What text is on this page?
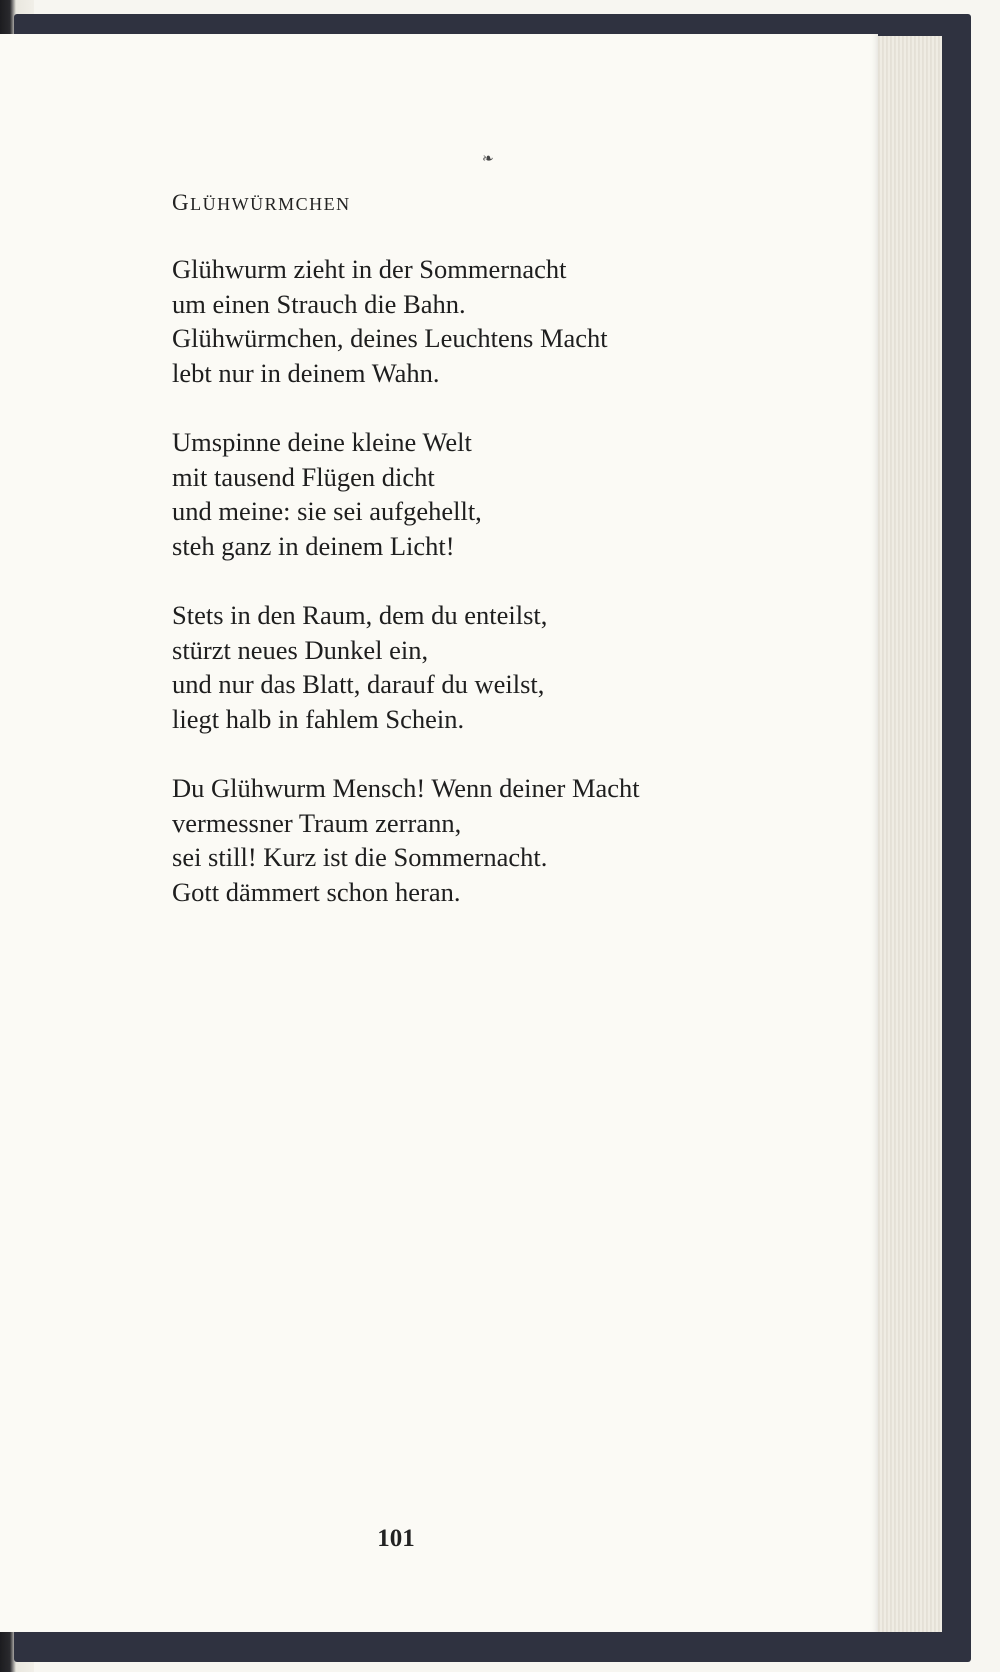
❧
GLÜHWÜRMCHEN

Glühwurm zieht in der Sommernacht
um einen Strauch die Bahn.
Glühwürmchen, deines Leuchtens Macht
lebt nur in deinem Wahn.

Umspinne deine kleine Welt
mit tausend Flügen dicht
und meine: sie sei aufgehellt,
steh ganz in deinem Licht!

Stets in den Raum, dem du enteilst,
stürzt neues Dunkel ein,
und nur das Blatt, darauf du weilst,
liegt halb in fahlem Schein.

Du Glühwurm Mensch! Wenn deiner Macht
vermessner Traum zerrann,
sei still! Kurz ist die Sommernacht.
Gott dämmert schon heran.

101
